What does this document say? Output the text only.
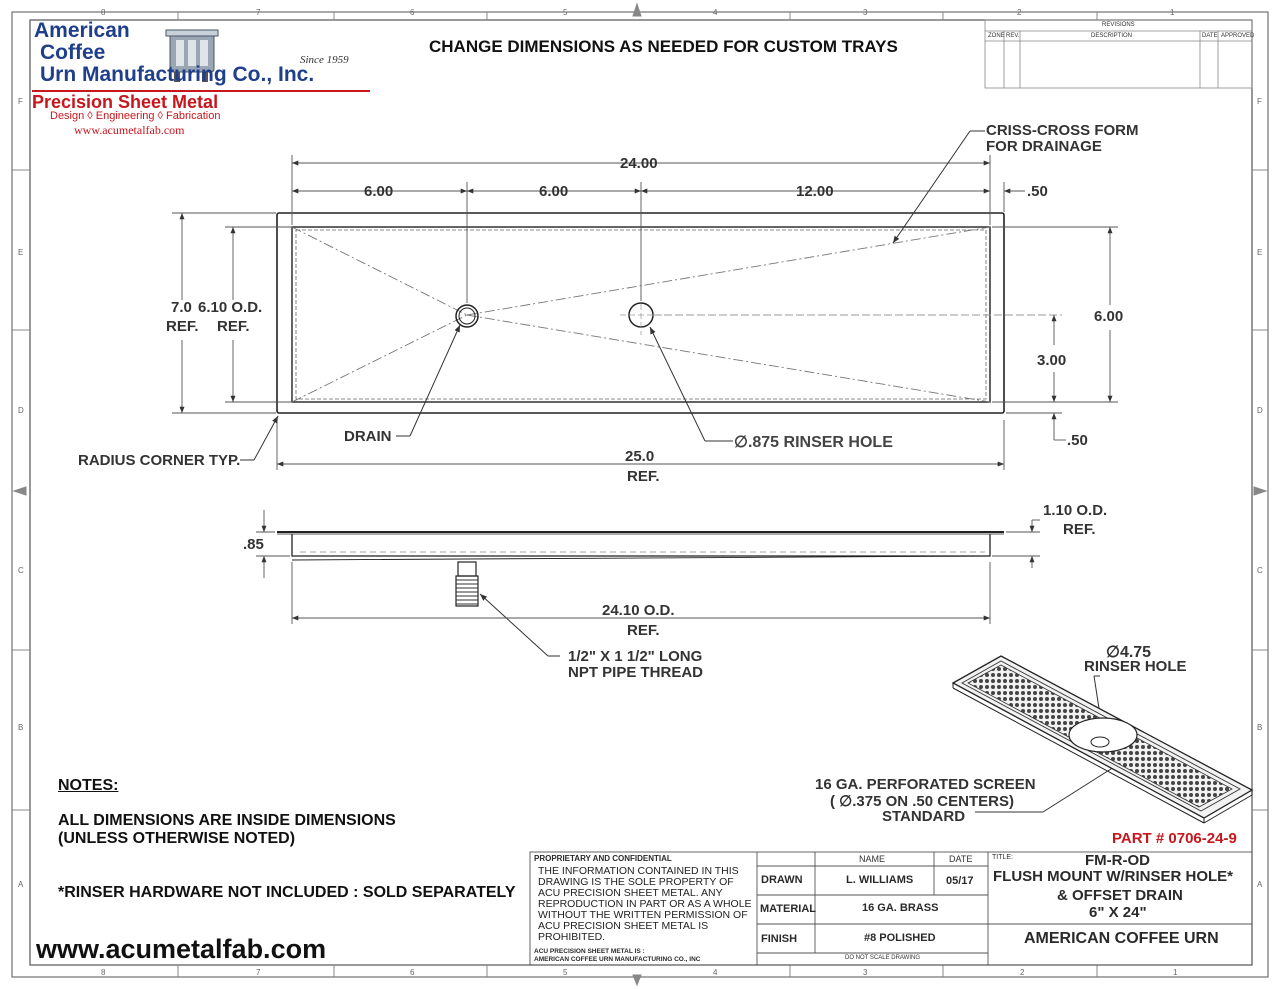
8	7	6	5	4	3	2	1
8	7	6	5	4	3	2	1
F
E
D
C
B
A
F
E
D
C
B
A
American
Coffee
Urn Manufacturing Co., Inc.
Since 1959
Precision Sheet Metal
Design ◊ Engineering ◊ Fabrication
www.acumetalfab.com
CHANGE DIMENSIONS AS NEEDED FOR CUSTOM TRAYS
REVISIONS
ZONE REV.	DESCRIPTION	DATE APPROVED
CRISS-CROSS FORM
FOR DRAINAGE
DRAIN
RADIUS CORNER TYP.
∅.875 RINSER HOLE
1/2" X 1 1/2" LONG
NPT PIPE THREAD
∅4.75
RINSER HOLE
16 GA. PERFORATED SCREEN
( ∅.375 ON .50 CENTERS)
STANDARD
24.00
6.00	6.00	12.00	.50
7.0
REF.
6.10 O.D.
REF.
6.00
3.00
.50
25.0
REF.
.85
1.10 O.D.
REF.
24.10 O.D.
REF.
NOTES:
ALL DIMENSIONS ARE INSIDE DIMENSIONS
(UNLESS OTHERWISE NOTED)
*RINSER HARDWARE NOT INCLUDED : SOLD SEPARATELY
www.acumetalfab.com
PART # 0706-24-9
PROPRIETARY AND CONFIDENTIAL
THE INFORMATION CONTAINED IN THIS
DRAWING IS THE SOLE PROPERTY OF
ACU PRECISION SHEET METAL. ANY
REPRODUCTION IN PART OR AS A WHOLE
WITHOUT THE WRITTEN PERMISSION OF
ACU PRECISION SHEET METAL IS
PROHIBITED.
ACU PRECISION SHEET METAL IS :
AMERICAN COFFEE URN MANUFACTURING CO., INC
NAME	DATE	TITLE:
DRAWN	L. WILLIAMS	05/17
MATERIAL	16 GA. BRASS
FINISH	#8 POLISHED
DO NOT SCALE DRAWING
FM-R-OD
FLUSH MOUNT W/RINSER HOLE*
& OFFSET DRAIN
6" X 24"
AMERICAN COFFEE URN
